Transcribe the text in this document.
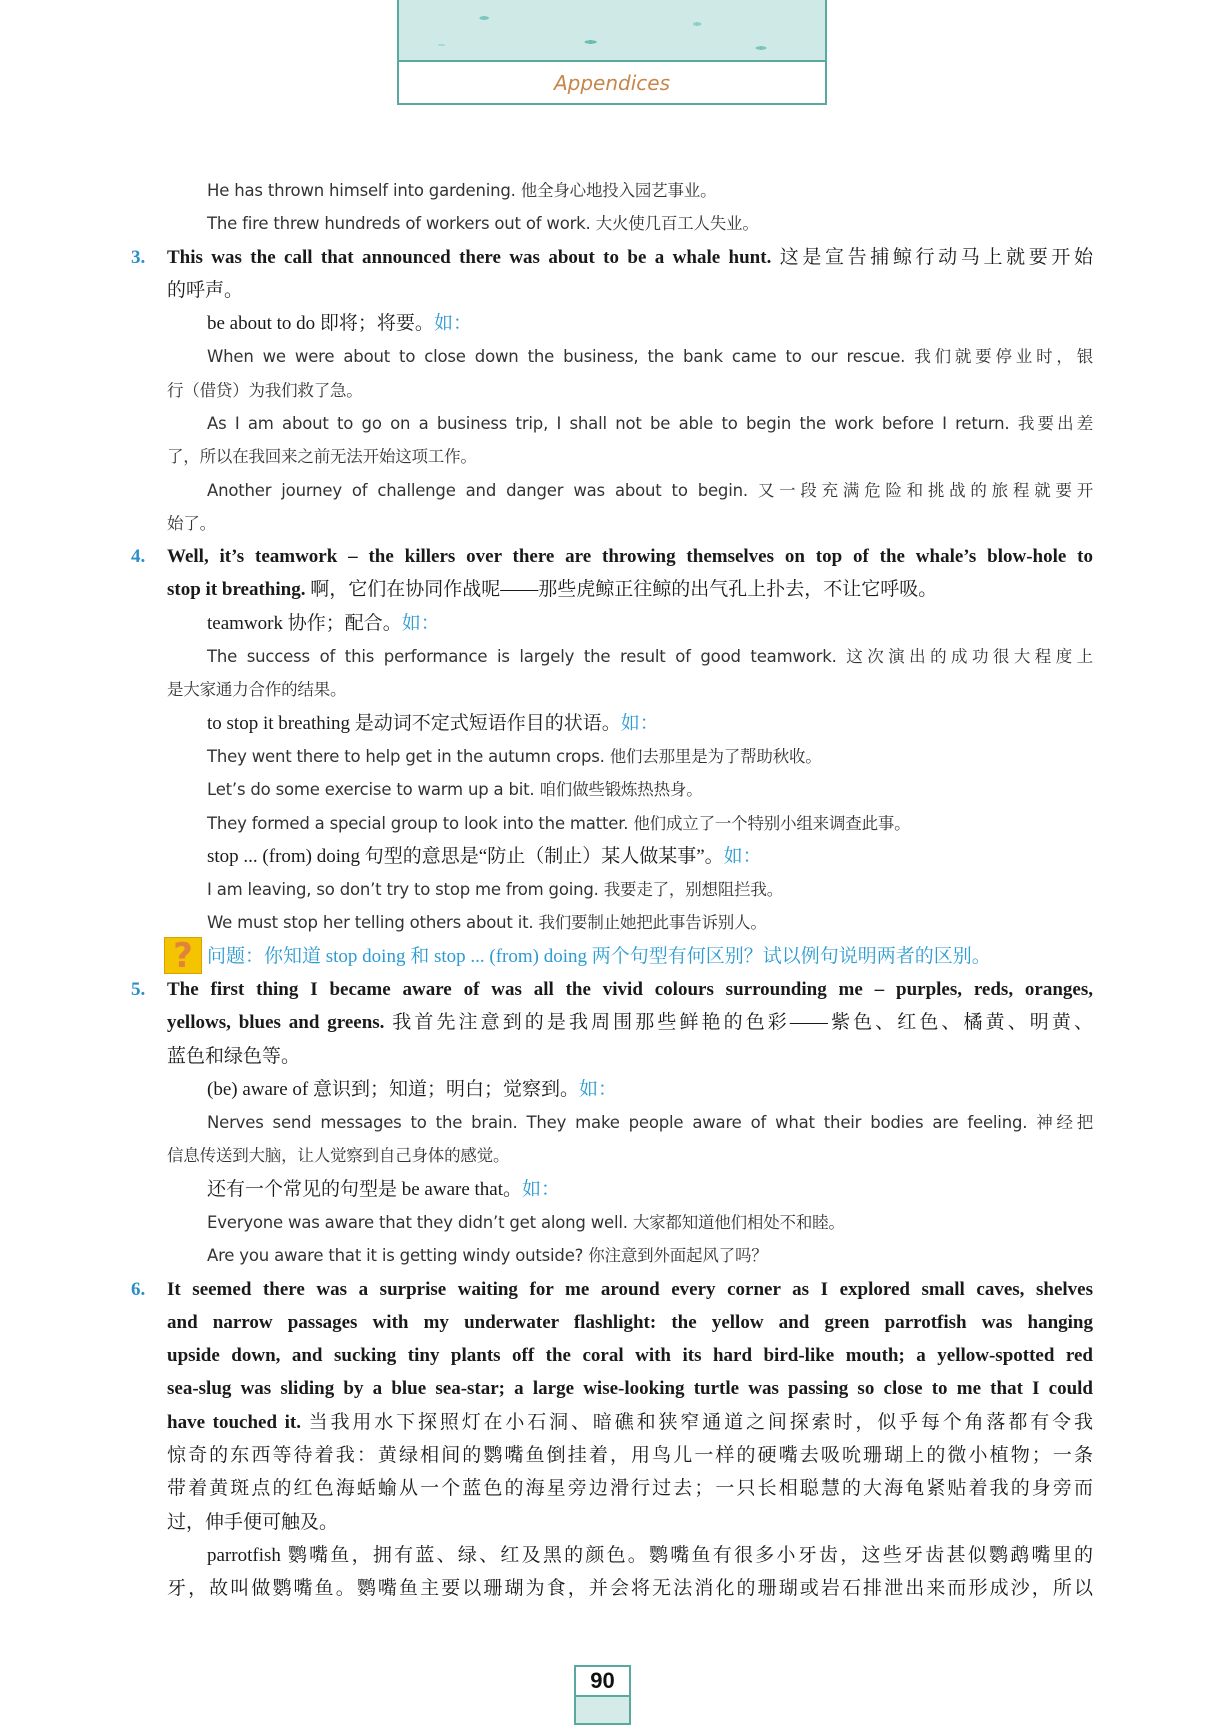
Appendices
He has thrown himself into gardening. 他全身心地投入园艺事业。
The fire threw hundreds of workers out of work. 大火使几百工人失业。
3.	This was the call that announced there was about to be a whale hunt. 这是宣告捕鲸行动马上就要开始
的呼声。
be about to do 即将；将要。如：
When we were about to close down the business, the bank came to our rescue. 我们就要停业时，银
行（借贷）为我们救了急。
As I am about to go on a business trip, I shall not be able to begin the work before I return. 我要出差
了，所以在我回来之前无法开始这项工作。
Another journey of challenge and danger was about to begin. 又一段充满危险和挑战的旅程就要开
始了。
4.	Well, it’s teamwork – the killers over there are throwing themselves on top of the whale’s blow-hole to
stop it breathing. 啊，它们在协同作战呢——那些虎鲸正往鲸的出气孔上扑去，不让它呼吸。
teamwork 协作；配合。如：
The success of this performance is largely the result of good teamwork. 这次演出的成功很大程度上
是大家通力合作的结果。
to stop it breathing 是动词不定式短语作目的状语。如：
They went there to help get in the autumn crops. 他们去那里是为了帮助秋收。
Let’s do some exercise to warm up a bit. 咱们做些锻炼热热身。
They formed a special group to look into the matter. 他们成立了一个特别小组来调查此事。
stop ... (from) doing 句型的意思是“防止（制止）某人做某事”。如：
I am leaving, so don’t try to stop me from going. 我要走了，别想阻拦我。
We must stop her telling others about it. 我们要制止她把此事告诉别人。
? 问题：你知道 stop doing 和 stop ... (from) doing 两个句型有何区别？试以例句说明两者的区别。
5.	The first thing I became aware of was all the vivid colours surrounding me – purples, reds, oranges,
yellows, blues and greens. 我首先注意到的是我周围那些鲜艳的色彩——紫色、红色、橘黄、明黄、
蓝色和绿色等。
(be) aware of 意识到；知道；明白；觉察到。如：
Nerves send messages to the brain. They make people aware of what their bodies are feeling. 神经把
信息传送到大脑，让人觉察到自己身体的感觉。
还有一个常见的句型是 be aware that。如：
Everyone was aware that they didn’t get along well. 大家都知道他们相处不和睦。
Are you aware that it is getting windy outside? 你注意到外面起风了吗？
6.	It seemed there was a surprise waiting for me around every corner as I explored small caves, shelves
and narrow passages with my underwater flashlight: the yellow and green parrotfish was hanging
upside down, and sucking tiny plants off the coral with its hard bird-like mouth; a yellow-spotted red
sea-slug was sliding by a blue sea-star; a large wise-looking turtle was passing so close to me that I could
have touched it. 当我用水下探照灯在小石洞、暗礁和狭窄通道之间探索时，似乎每个角落都有令我
惊奇的东西等待着我：黄绿相间的鹦嘴鱼倒挂着，用鸟儿一样的硬嘴去吸吮珊瑚上的微小植物；一条
带着黄斑点的红色海蛞蝓从一个蓝色的海星旁边滑行过去；一只长相聪慧的大海龟紧贴着我的身旁而
过，伸手便可触及。
parrotfish 鹦嘴鱼，拥有蓝、绿、红及黑的颜色。鹦嘴鱼有很多小牙齿，这些牙齿甚似鹦鹉嘴里的
牙，故叫做鹦嘴鱼。鹦嘴鱼主要以珊瑚为食，并会将无法消化的珊瑚或岩石排泄出来而形成沙，所以
90
